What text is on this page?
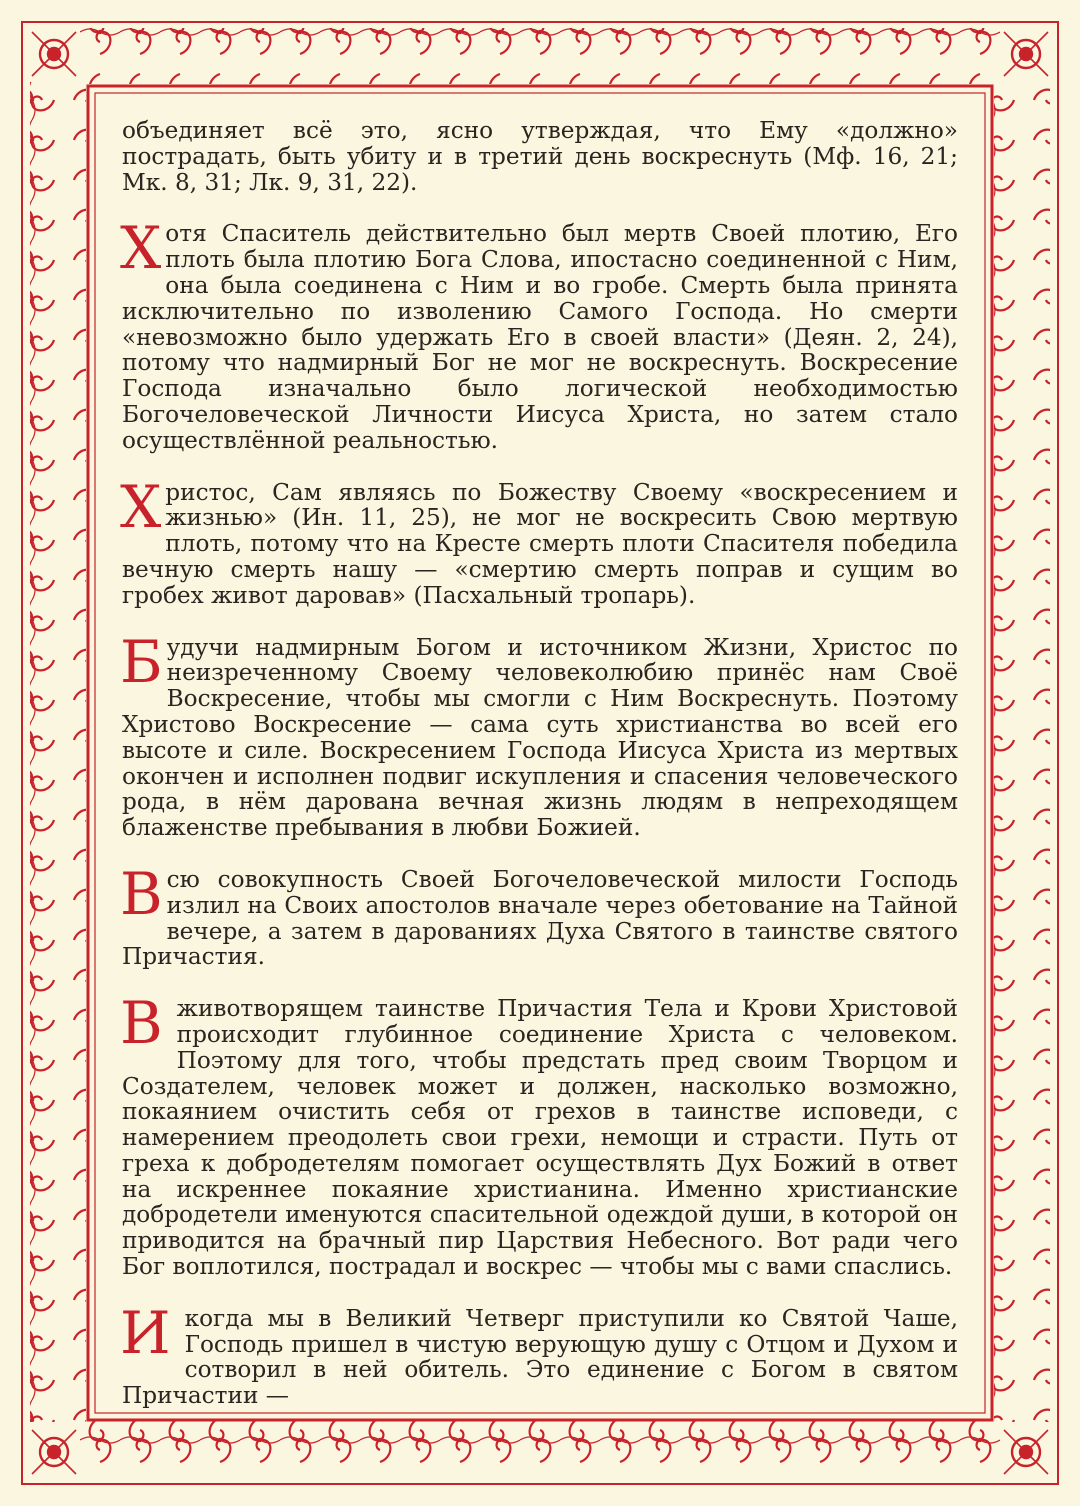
объединяет всё это, ясно утверждая, что Ему «должно» пострадать, быть убиту и в третий день воскреснуть (Мф. 16, 21; Мк. 8, 31; Лк. 9, 31, 22).

Х отя Спаситель действительно был мертв Своей плотию, Его плоть была плотию Бога Слова, ипостасно соединенной с Ним, она была соединена с Ним и во гробе. Смерть была принята исключительно по изволению Самого Господа. Но смерти «невозможно было удержать Его в своей власти» (Деян. 2, 24), потому что надмирный Бог не мог не воскреснуть. Воскресение Господа изначально было логической необходимостью Богочеловеческой Личности Иисуса Христа, но затем стало осуществлённой реальностью.

Х ристос, Сам являясь по Божеству Своему «воскресением и жизнью» (Ин. 11, 25), не мог не воскресить Свою мертвую плоть, потому что на Кресте смерть плоти Спасителя победила вечную смерть нашу — «смертию смерть поправ и сущим во гробех живот даровав» (Пасхальный тропарь).

Б удучи надмирным Богом и источником Жизни, Христос по неизреченному Своему человеколюбию принёс нам Своё Воскресение, чтобы мы смогли с Ним Воскреснуть. Поэтому Христово Воскресение — сама суть христианства во всей его высоте и силе. Воскресением Господа Иисуса Христа из мертвых окончен и исполнен подвиг искупления и спасения человеческого рода, в нём дарована вечная жизнь людям в непреходящем блаженстве пребывания в любви Божией.

В сю совокупность Своей Богочеловеческой милости Господь излил на Своих апостолов вначале через обетование на Тайной вечере, а затем в дарованиях Духа Святого в таинстве святого Причастия.

В животворящем таинстве Причастия Тела и Крови Христовой происходит глубинное соединение Христа с человеком. Поэтому для того, чтобы предстать пред своим Творцом и Создателем, человек может и должен, насколько возможно, покаянием очистить себя от грехов в таинстве исповеди, с намерением преодолеть свои грехи, немощи и страсти. Путь от греха к добродетелям помогает осуществлять Дух Божий в ответ на искреннее покаяние христианина. Именно христианские добродетели именуются спасительной одеждой души, в которой он приводится на брачный пир Царствия Небесного. Вот ради чего Бог воплотился, пострадал и воскрес — чтобы мы с вами спаслись.

И когда мы в Великий Четверг приступили ко Святой Чаше, Господь пришел в чистую верующую душу с Отцом и Духом и сотворил в ней обитель. Это единение с Богом в святом Причастии —
